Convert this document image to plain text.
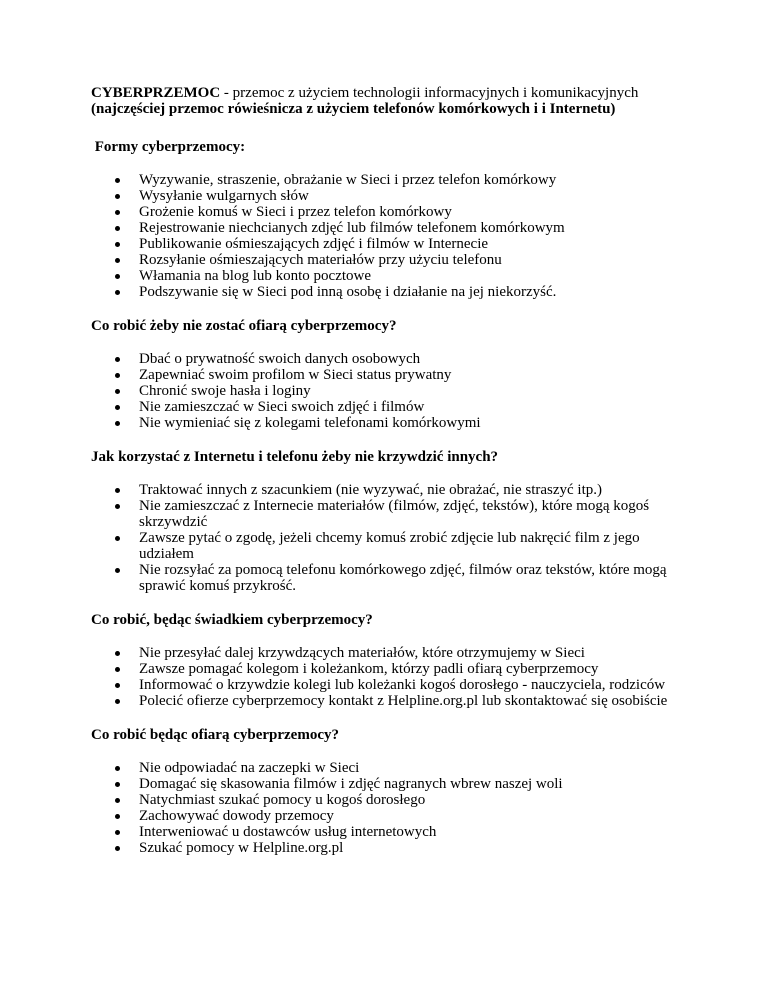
CYBERPRZEMOC - przemoc z użyciem technologii informacyjnych i komunikacyjnych

(najczęściej przemoc rówieśnicza z użyciem telefonów komórkowych i i Internetu)

Formy cyberprzemocy:

Wyzywanie, straszenie, obrażanie w Sieci i przez telefon komórkowy
Wysyłanie wulgarnych słów
Grożenie komuś w Sieci i przez telefon komórkowy
Rejestrowanie niechcianych zdjęć lub filmów telefonem komórkowym
Publikowanie ośmieszających zdjęć i filmów w Internecie
Rozsyłanie ośmieszających materiałów przy użyciu telefonu
Włamania na blog lub konto pocztowe
Podszywanie się w Sieci pod inną osobę i działanie na jej niekorzyść.

Co robić żeby nie zostać ofiarą cyberprzemocy?

Dbać o prywatność swoich danych osobowych
Zapewniać swoim profilom w Sieci status prywatny
Chronić swoje hasła i loginy
Nie zamieszczać w Sieci swoich zdjęć i filmów
Nie wymieniać się z kolegami telefonami komórkowymi

Jak korzystać z Internetu i telefonu żeby nie krzywdzić innych?

Traktować innych z szacunkiem (nie wyzywać, nie obrażać, nie straszyć itp.)
Nie zamieszczać z Internecie materiałów (filmów, zdjęć, tekstów), które mogą kogoś skrzywdzić
Zawsze pytać o zgodę, jeżeli chcemy komuś zrobić zdjęcie lub nakręcić film z jego udziałem
Nie rozsyłać za pomocą telefonu komórkowego zdjęć, filmów oraz tekstów, które mogą sprawić komuś przykrość.

Co robić, będąc świadkiem cyberprzemocy?

Nie przesyłać dalej krzywdzących materiałów, które otrzymujemy w Sieci
Zawsze pomagać kolegom i koleżankom, którzy padli ofiarą cyberprzemocy
Informować o krzywdzie kolegi lub koleżanki kogoś dorosłego - nauczyciela, rodziców
Polecić ofierze cyberprzemocy kontakt z Helpline.org.pl lub skontaktować się osobiście

Co robić będąc ofiarą cyberprzemocy?

Nie odpowiadać na zaczepki w Sieci
Domagać się skasowania filmów i zdjęć nagranych wbrew naszej woli
Natychmiast szukać pomocy u kogoś dorosłego
Zachowywać dowody przemocy
Interweniować u dostawców usług internetowych
Szukać pomocy w Helpline.org.pl
